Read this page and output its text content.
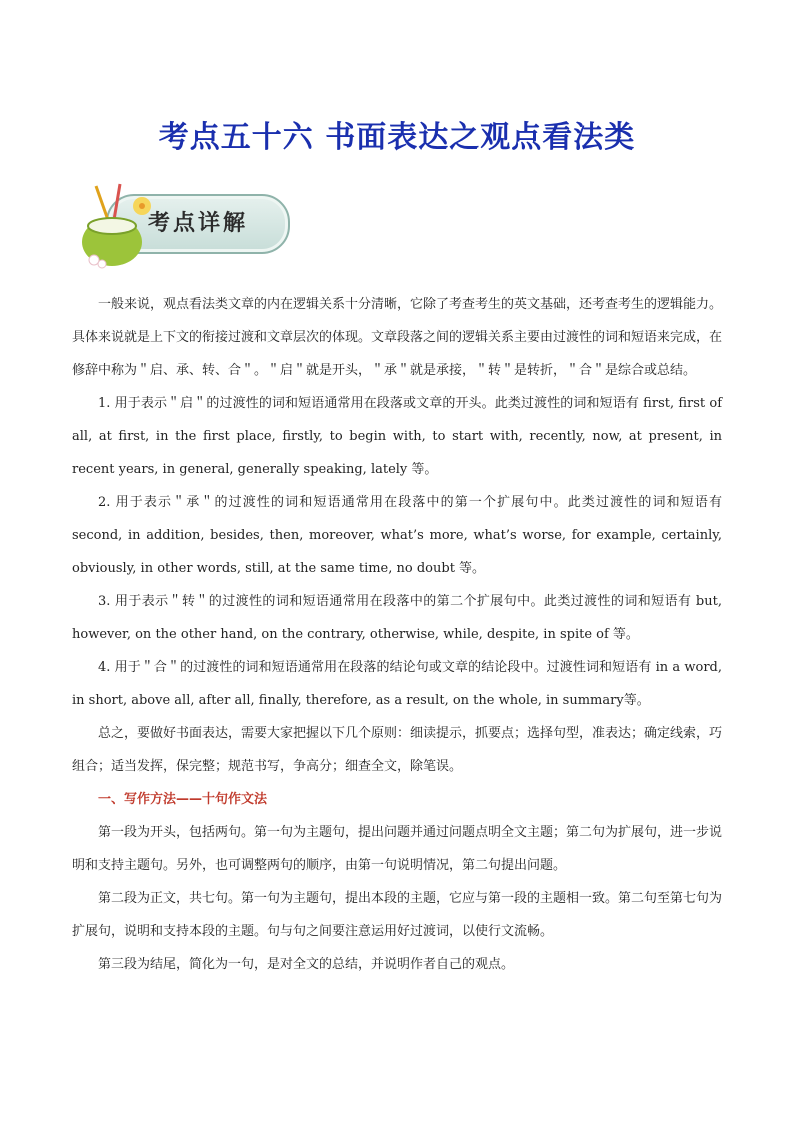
考点五十六 书面表达之观点看法类
考点详解

一般来说，观点看法类文章的内在逻辑关系十分清晰，它除了考查考生的英文基础，还考查考生的逻辑能力。具体来说就是上下文的衔接过渡和文章层次的体现。文章段落之间的逻辑关系主要由过渡性的词和短语来完成，在修辞中称为＂启、承、转、合＂。＂启＂就是开头，＂承＂就是承接，＂转＂是转折，＂合＂是综合或总结。

1. 用于表示＂启＂的过渡性的词和短语通常用在段落或文章的开头。此类过渡性的词和短语有 first, first of all, at first, in the first place, firstly, to begin with, to start with, recently, now, at present, in recent years, in general, generally speaking, lately 等。

2. 用于表示＂承＂的过渡性的词和短语通常用在段落中的第一个扩展句中。此类过渡性的词和短语有 second, in addition, besides, then, moreover, what’s more, what’s worse, for example, certainly, obviously, in other words, still, at the same time, no doubt 等。

3. 用于表示＂转＂的过渡性的词和短语通常用在段落中的第二个扩展句中。此类过渡性的词和短语有 but, however, on the other hand, on the contrary, otherwise, while, despite, in spite of 等。

4. 用于＂合＂的过渡性的词和短语通常用在段落的结论句或文章的结论段中。过渡性词和短语有 in a word, in short, above all, after all, finally, therefore, as a result, on the whole, in summary等。

总之，要做好书面表达，需要大家把握以下几个原则：细读提示，抓要点；选择句型，准表达；确定线索，巧组合；适当发挥，保完整；规范书写，争高分；细查全文，除笔误。

一、写作方法——十句作文法

第一段为开头，包括两句。第一句为主题句，提出问题并通过问题点明全文主题；第二句为扩展句，进一步说明和支持主题句。另外，也可调整两句的顺序，由第一句说明情况，第二句提出问题。

第二段为正文，共七句。第一句为主题句，提出本段的主题，它应与第一段的主题相一致。第二句至第七句为扩展句，说明和支持本段的主题。句与句之间要注意运用好过渡词，以使行文流畅。

第三段为结尾，简化为一句，是对全文的总结，并说明作者自己的观点。
